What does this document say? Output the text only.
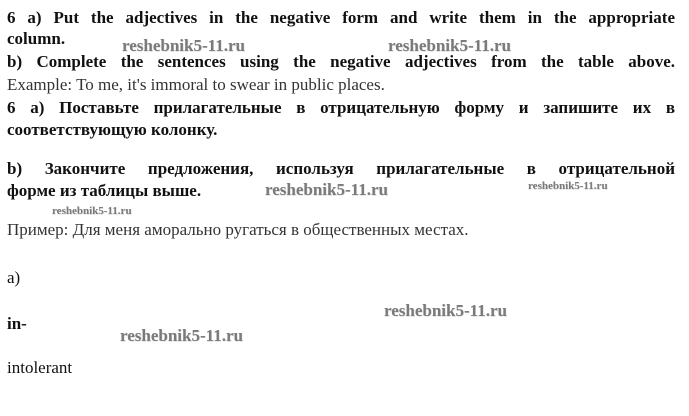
6 a) Put the adjectives in the negative form and write them in the appropriate
column.
b) Complete the sentences using the negative adjectives from the table above.
Example: To me, it's immoral to swear in public places.
6 а) Поставьте прилагательные в отрицательную форму и запишите их в
соответствующую колонку.
b) Закончите предложения, используя прилагательные в отрицательной
форме из таблицы выше.
Пример: Для меня аморально ругаться в общественных местах.
a)
in-
intolerant
reshebnik5-11.ru	reshebnik5-11.ru
reshebnik5-11.ru	reshebnik5-11.ru
reshebnik5-11.ru
reshebnik5-11.ru
reshebnik5-11.ru
